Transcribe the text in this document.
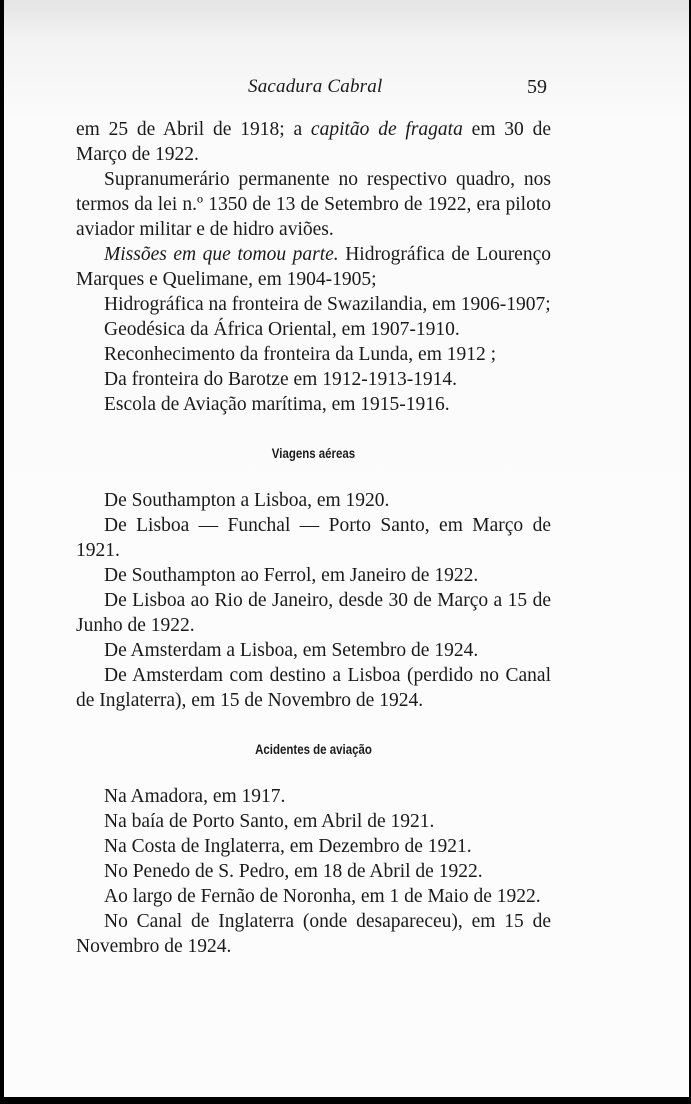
Sacadura Cabral	59

em 25 de Abril de 1918; a capitão de fragata em 30 de Março de 1922.

Supranumerário permanente no respectivo quadro, nos termos da lei n.º 1350 de 13 de Setembro de 1922, era piloto aviador militar e de hidro aviões.

Missões em que tomou parte. Hidrográfica de Lourenço Marques e Quelimane, em 1904-1905;

Hidrográfica na fronteira de Swazilandia, em 1906-1907;

Geodésica da África Oriental, em 1907-1910.

Reconhecimento da fronteira da Lunda, em 1912 ;

Da fronteira do Barotze em 1912-1913-1914.

Escola de Aviação marítima, em 1915-1916.

Viagens aéreas

De Southampton a Lisboa, em 1920.

De Lisboa — Funchal — Porto Santo, em Março de 1921.

De Southampton ao Ferrol, em Janeiro de 1922.

De Lisboa ao Rio de Janeiro, desde 30 de Março a 15 de Junho de 1922.

De Amsterdam a Lisboa, em Setembro de 1924.

De Amsterdam com destino a Lisboa (perdido no Canal de Inglaterra), em 15 de Novembro de 1924.

Acidentes de aviação

Na Amadora, em 1917.

Na baía de Porto Santo, em Abril de 1921.

Na Costa de Inglaterra, em Dezembro de 1921.

No Penedo de S. Pedro, em 18 de Abril de 1922.

Ao largo de Fernão de Noronha, em 1 de Maio de 1922.

No Canal de Inglaterra (onde desapareceu), em 15 de Novembro de 1924.
